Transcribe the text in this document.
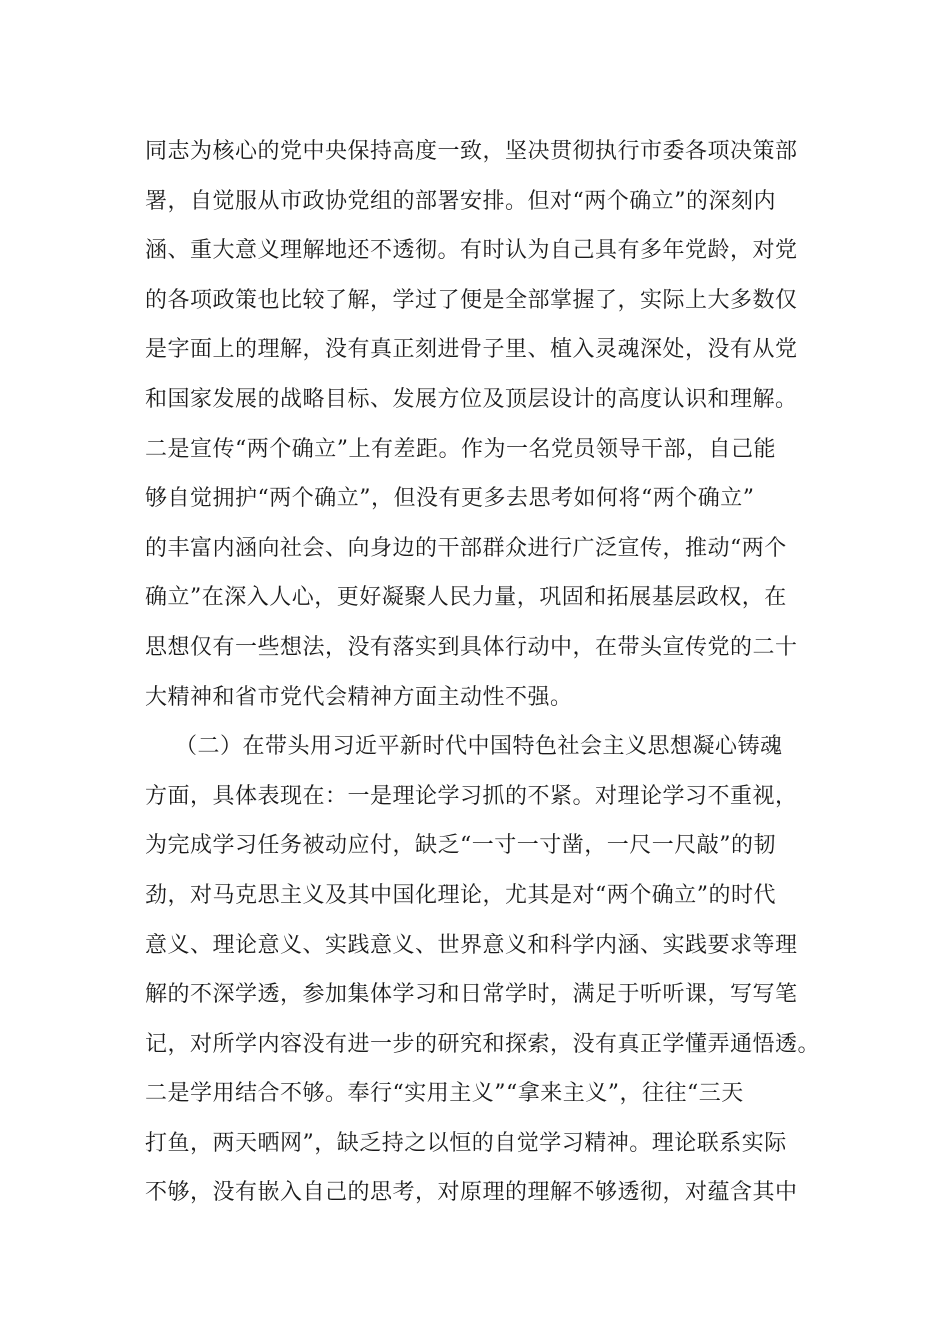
同志为核心的党中央保持高度一致，坚决贯彻执行市委各项决策部
署，自觉服从市政协党组的部署安排。但对“两个确立”的深刻内
涵、重大意义理解地还不透彻。有时认为自己具有多年党龄，对党
的各项政策也比较了解，学过了便是全部掌握了，实际上大多数仅
是字面上的理解，没有真正刻进骨子里、植入灵魂深处，没有从党
和国家发展的战略目标、发展方位及顶层设计的高度认识和理解。
二是宣传“两个确立”上有差距。作为一名党员领导干部，自己能
够自觉拥护“两个确立”，但没有更多去思考如何将“两个确立”
的丰富内涵向社会、向身边的干部群众进行广泛宣传，推动“两个
确立”在深入人心，更好凝聚人民力量，巩固和拓展基层政权，在
思想仅有一些想法，没有落实到具体行动中，在带头宣传党的二十
大精神和省市党代会精神方面主动性不强。
（二）在带头用习近平新时代中国特色社会主义思想凝心铸魂
方面，具体表现在：一是理论学习抓的不紧。对理论学习不重视，
为完成学习任务被动应付，缺乏“一寸一寸凿，一尺一尺敲”的韧
劲，对马克思主义及其中国化理论，尤其是对“两个确立”的时代
意义、理论意义、实践意义、世界意义和科学内涵、实践要求等理
解的不深学透，参加集体学习和日常学时，满足于听听课，写写笔
记，对所学内容没有进一步的研究和探索，没有真正学懂弄通悟透。
二是学用结合不够。奉行“实用主义”“拿来主义”，往往“三天
打鱼，两天晒网”，缺乏持之以恒的自觉学习精神。理论联系实际
不够，没有嵌入自己的思考，对原理的理解不够透彻，对蕴含其中
